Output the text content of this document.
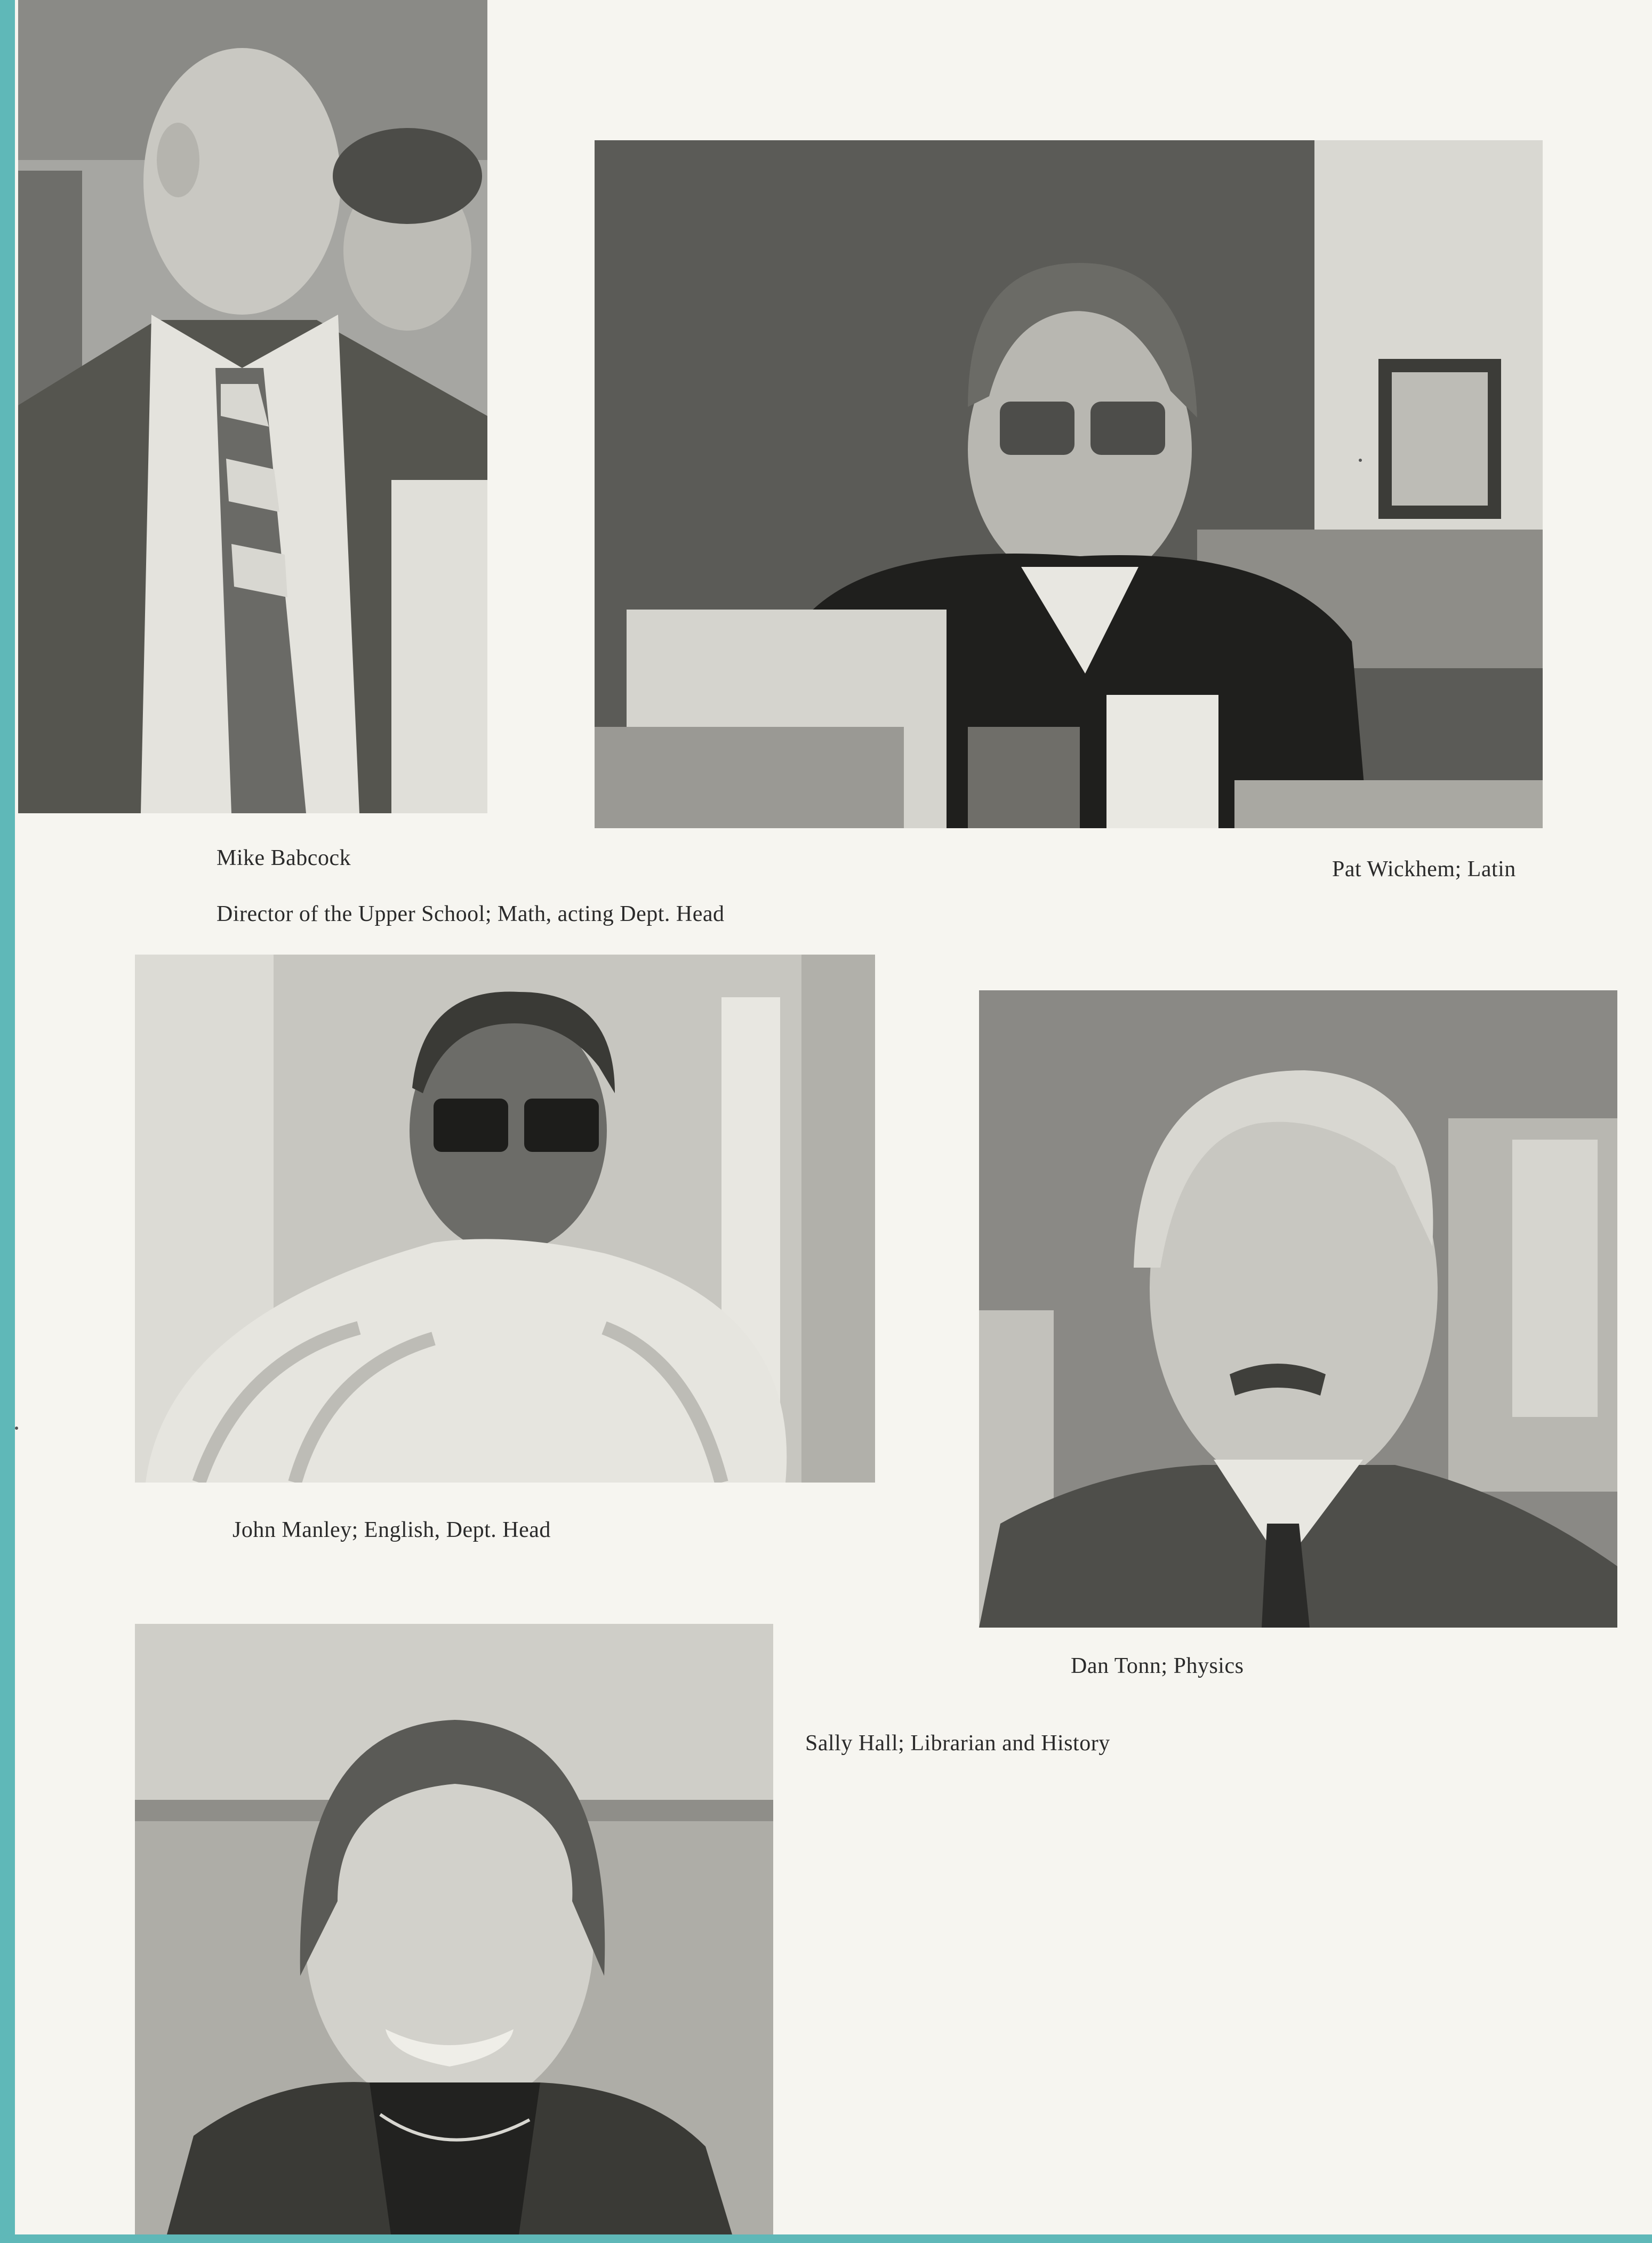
Mike Babcock	Pat Wickhem; Latin
Director of the Upper School; Math, acting Dept. Head
John Manley; English, Dept. Head
Dan Tonn; Physics
Sally Hall; Librarian and History
